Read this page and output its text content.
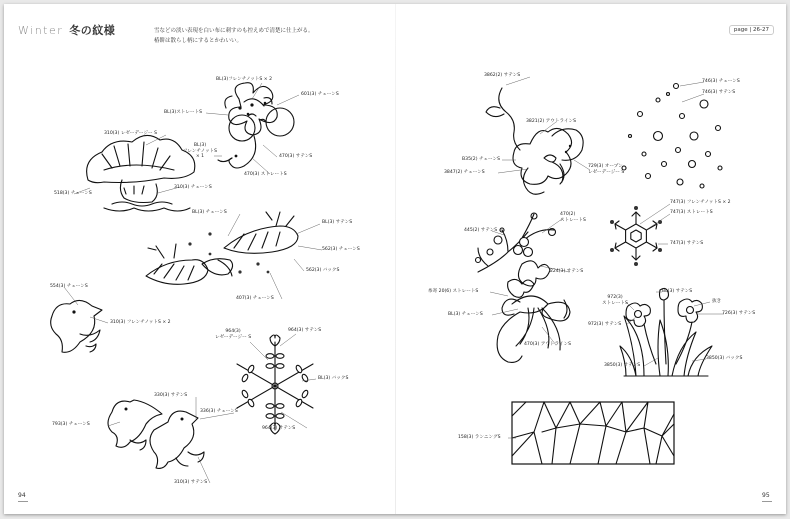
Winter 冬の紋様	雪などの淡い表現を白い布に刺すのも控えめで清楚に仕上がる。
椿餅は散らし柄にするとかわいい。
page | 26-27
BL(3)フレンチノットS × 2
601(3) チェーンS
BL(3)ストレートS
310(3) レゼーデージー S
BL(3)
フレンチノットS
× 1	470(3) サテンS
470(3) ストレートS
518(3) チェーンS
310(3) チェーンS
BL(3) チェーンS
BL(3) サテンS
562(3) チェーンS
562(3) バックS
407(3) チェーンS
554(3) チェーンS
310(3) フレンチノットS × 2
964(3)
レゼーデージー S
964(3) サテンS
BL(3) バックS
964(3) サテンS
330(3) サテンS
336(3) チェーンS
793(3) チェーンS
310(3) サテンS
3862(2) サテンS
3821(2) アウトラインS
B35(2) チェーンS
3847(2) チェーンS
729(3) オープン
レゼーデージー S
746(3) チェーンS
746(3) サテンS
445(2) サテンS
470(2)
ストレートS
224(3) サテンS
糸寄 20(6) ストレートS
BL(3) チェーンS
470(3) アウトラインS
747(3) フレンチノットS × 2
747(3) ストレートS
747(3) サテンS
BL(3) サテンS
抜き
972(3)
ストレートS
972(3) サテンS
726(3) サテンS
3850(3) サテンS
3850(3) バックS
158(3) ランニングS
94	95
